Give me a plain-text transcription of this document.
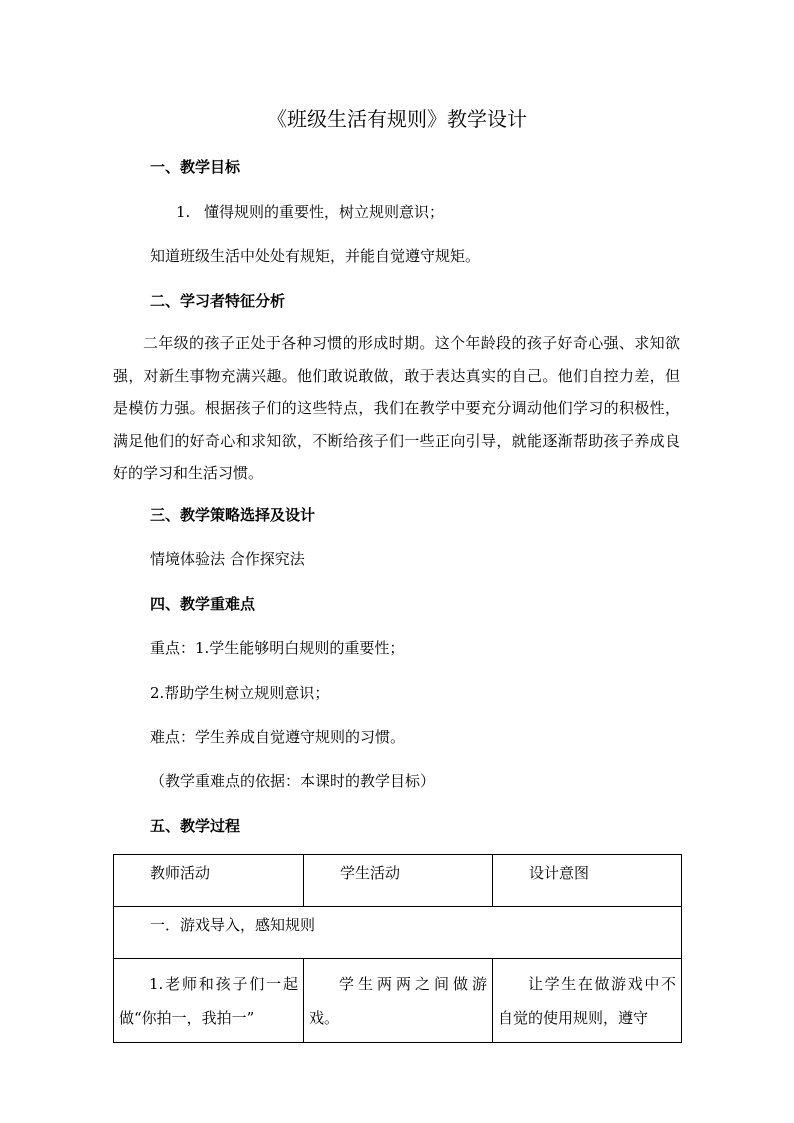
《班级生活有规则》教学设计
一、教学目标
1. 懂得规则的重要性，树立规则意识；
知道班级生活中处处有规矩，并能自觉遵守规矩。
二、学习者特征分析
二年级的孩子正处于各种习惯的形成时期。这个年龄段的孩子好奇心强、求知欲强，对新生事物充满兴趣。他们敢说敢做，敢于表达真实的自己。他们自控力差，但是模仿力强。根据孩子们的这些特点，我们在教学中要充分调动他们学习的积极性，满足他们的好奇心和求知欲，不断给孩子们一些正向引导，就能逐渐帮助孩子养成良好的学习和生活习惯。
三、教学策略选择及设计
情境体验法 合作探究法
四、教学重难点
重点：1.学生能够明白规则的重要性；
2.帮助学生树立规则意识；
难点：学生养成自觉遵守规则的习惯。
（教学重难点的依据：本课时的教学目标）
五、教学过程
教师活动	学生活动	设计意图
一．游戏导入，感知规则		
1.老师和孩子们一起做“你拍一，我拍一”	学生两两之间做游戏。	让学生在做游戏中不自觉的使用规则，遵守
